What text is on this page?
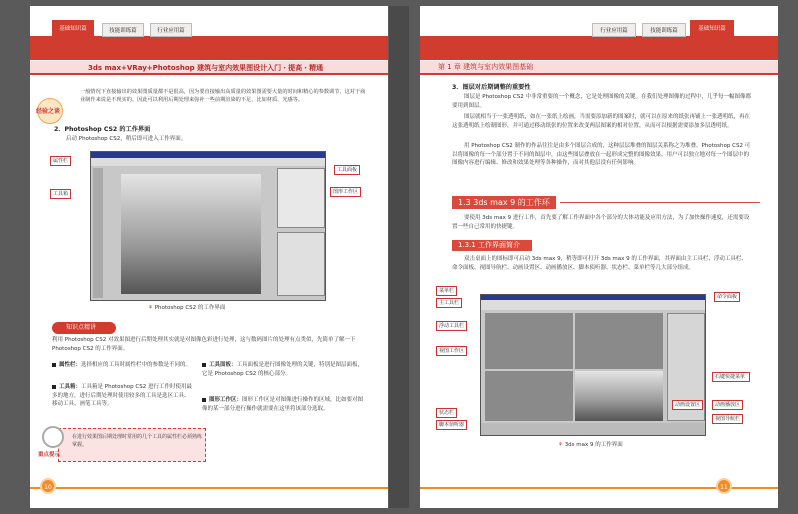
基础知识篇	技能训练篇	行业应用篇
3ds max+VRay+Photoshop 建筑与室内效果图设计入门・提高・精通
经验之谈
一般情况下直接输出的效果图质量都不是很高，因为要直接输出高质量的效果图需要大量的时间和精心的参数调节，这对于商业制作来说是不现实的。因此可以利用后期处理来弥补一些前期渲染的不足，比如材质、光感等。
2．Photoshop CS2 的工作界面
启动 Photoshop CS2，稍后即可进入工作界面。
属性栏
工具面板
工具箱	图形工作区
⚘ Photoshop CS2 的工作界面
知识点精讲
利用 Photoshop CS2 对效果图进行后期处理其实就是对图像色彩进行处理，这与数码图片的处理有点类似，先简单了解一下 Photoshop CS2 的工作界面。
属性栏：选择相应的工具时属性栏中的参数是不同的。
工具箱：工具箱是 Photoshop CS2 进行工作时使用最多的地方，进行后期处理时使用较多的工具是选区工具、移动工具、画笔工具等。
工具面板：工具面板是进行图像处理的关键，特别是图层面板，它是 Photoshop CS2 的核心部分。
图形工作区：图形工作区是对图像进行操作的区域，比如要对图像的某一部分进行操作就需要在这里将该部分选取。
重点提示
在进行效果图后期处理时常用的几个工具的属性栏必须熟练掌握。
10
行业应用篇	技能训练篇	基础知识篇
第 1 章 建筑与室内效果图基础
3．图层对后期调整的重要性
图层是 Photoshop CS2 中非常重要的一个概念，它是处理图像的关键。在我们处理图像的过程中，几乎每一幅图像都要用到图层。
图层就相当于一张透明纸，如在一张纸上绘画，当需要添加新的图案时，就可以在原来的纸张再铺上一张透明纸，再在这张透明纸上绘制图形，并可通过移动纸张的位置来改变两层图案的相对位置，从而可以根据需要添加多层透明纸。
用 Photoshop CS2 制作的作品往往是由多个图层合成的，这种层层堆叠的图层关系称之为堆叠。Photoshop CS2 可以将图像的每一个部分置于不同的图层中，由这些图层叠放在一起形成完整的图像效果。用户可以独立地对每一个图层中的图像内容进行编辑、修改和效果处理等各种操作，而对其他层没有任何影响。
1.3 3ds max 9 的工作环境
要使用 3ds max 9 进行工作，首先要了解工作界面中各个部分的大体功能及应用方法，为了加快操作速度，还需要设置一些自己常用的快捷键。
1.3.1 工作界面简介
双击桌面上的图标即可启动 3ds max 9，稍等即可打开 3ds max 9 的工作界面，其界面由主工具栏、浮动工具栏、命令面板、视图导航栏、动画设置区、动画播放区、脚本侦听器、状态栏、菜单栏等几大部分组成。
菜单栏
主工具栏
浮动工具栏
视图工作区
状态栏
脚本侦听器
命令面板
石键快捷菜单
动画设置区	动画播放区
视图导航栏
⚘ 3ds max 9 的工作界面
11
